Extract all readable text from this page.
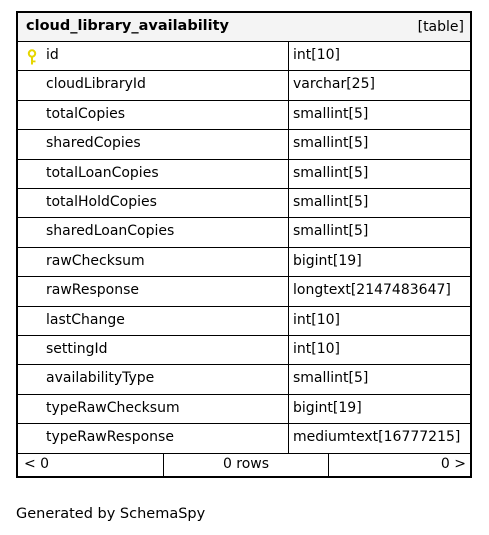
cloud_library_availability	[table]
id	int[10]
cloudLibraryId	varchar[25]
totalCopies	smallint[5]
sharedCopies	smallint[5]
totalLoanCopies	smallint[5]
totalHoldCopies	smallint[5]
sharedLoanCopies	smallint[5]
rawChecksum	bigint[19]
rawResponse	longtext[2147483647]
lastChange	int[10]
settingId	int[10]
availabilityType	smallint[5]
typeRawChecksum	bigint[19]
typeRawResponse	mediumtext[16777215]
< 0	0 rows	0 >
Generated by SchemaSpy
